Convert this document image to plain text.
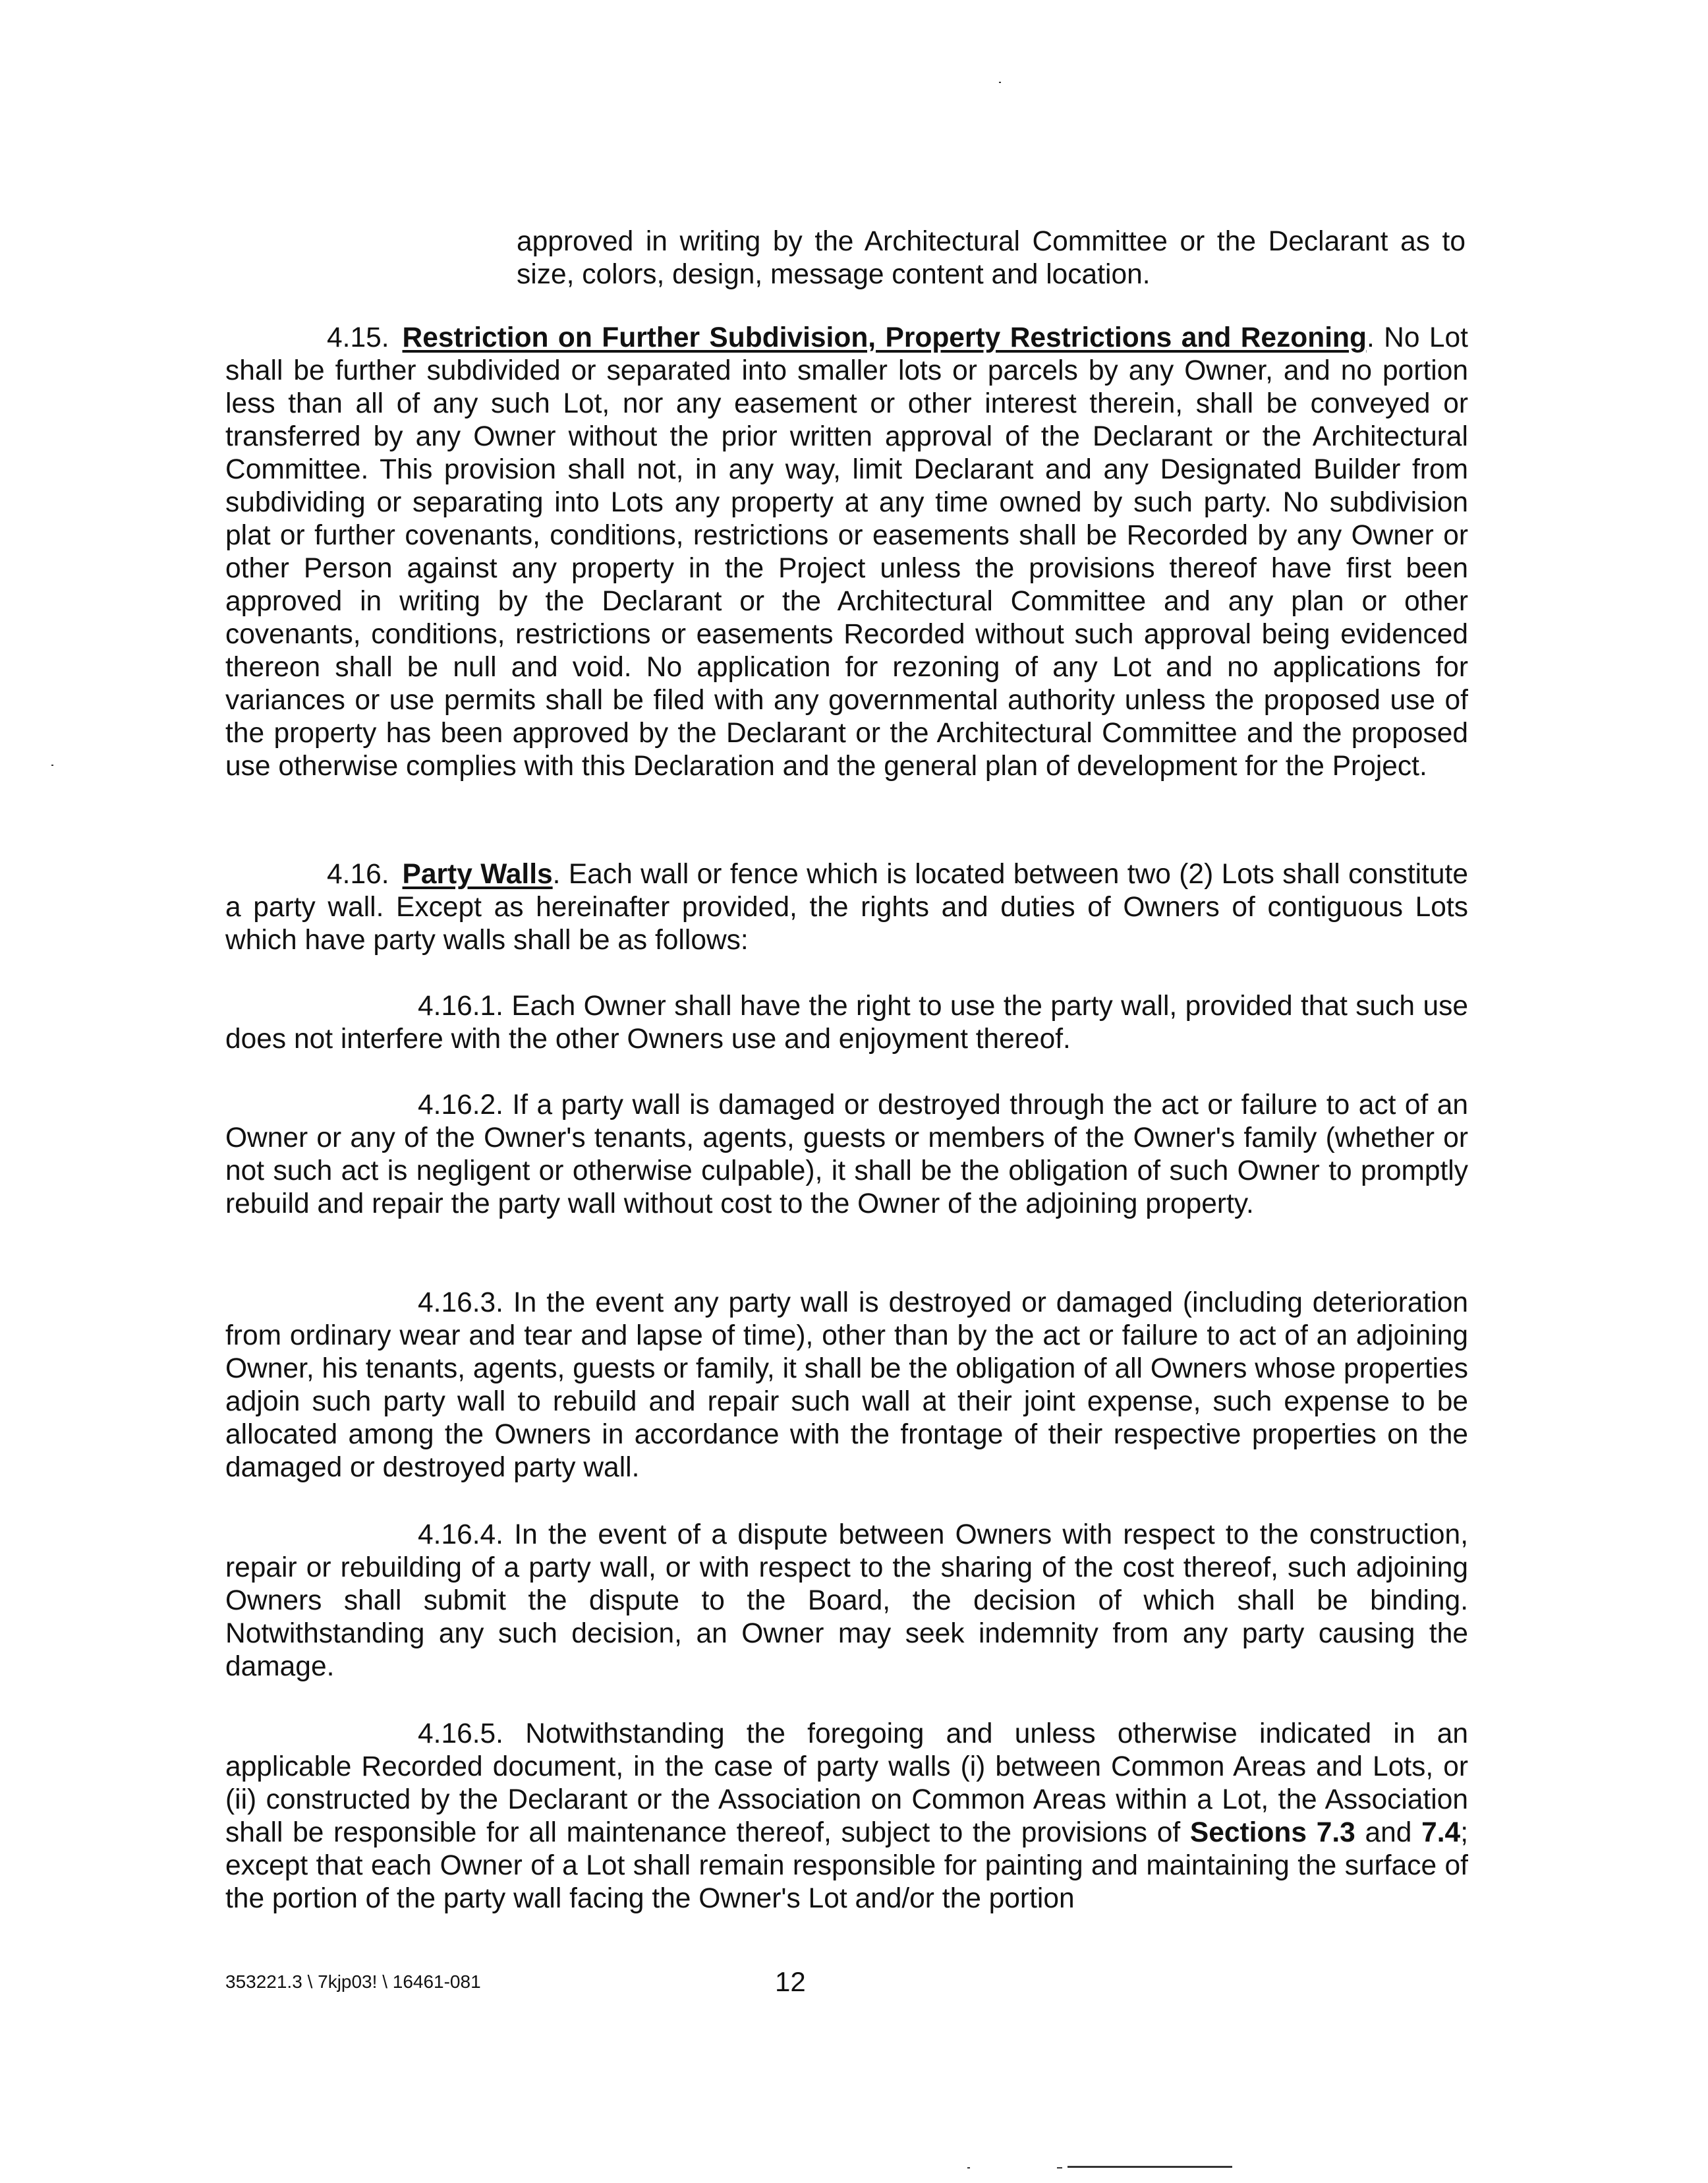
approved in writing by the Architectural Committee or the Declarant as to size, colors, design, message content and location.

4.15. Restriction on Further Subdivision, Property Restrictions and Rezoning. No Lot shall be further subdivided or separated into smaller lots or parcels by any Owner, and no portion less than all of any such Lot, nor any easement or other interest therein, shall be conveyed or transferred by any Owner without the prior written approval of the Declarant or the Architectural Committee. This provision shall not, in any way, limit Declarant and any Designated Builder from subdividing or separating into Lots any property at any time owned by such party. No subdivision plat or further covenants, conditions, restrictions or easements shall be Recorded by any Owner or other Person against any property in the Project unless the provisions thereof have first been approved in writing by the Declarant or the Architectural Committee and any plan or other covenants, conditions, restrictions or easements Recorded without such approval being evidenced thereon shall be null and void. No application for rezoning of any Lot and no applications for variances or use permits shall be filed with any governmental authority unless the proposed use of the property has been approved by the Declarant or the Architectural Committee and the proposed use otherwise complies with this Declaration and the general plan of development for the Project.

4.16. Party Walls. Each wall or fence which is located between two (2) Lots shall constitute a party wall. Except as hereinafter provided, the rights and duties of Owners of contiguous Lots which have party walls shall be as follows:

4.16.1. Each Owner shall have the right to use the party wall, provided that such use does not interfere with the other Owners use and enjoyment thereof.

4.16.2. If a party wall is damaged or destroyed through the act or failure to act of an Owner or any of the Owner's tenants, agents, guests or members of the Owner's family (whether or not such act is negligent or otherwise culpable), it shall be the obligation of such Owner to promptly rebuild and repair the party wall without cost to the Owner of the adjoining property.

4.16.3. In the event any party wall is destroyed or damaged (including deterioration from ordinary wear and tear and lapse of time), other than by the act or failure to act of an adjoining Owner, his tenants, agents, guests or family, it shall be the obligation of all Owners whose properties adjoin such party wall to rebuild and repair such wall at their joint expense, such expense to be allocated among the Owners in accordance with the frontage of their respective properties on the damaged or destroyed party wall.

4.16.4. In the event of a dispute between Owners with respect to the construction, repair or rebuilding of a party wall, or with respect to the sharing of the cost thereof, such adjoining Owners shall submit the dispute to the Board, the decision of which shall be binding. Notwithstanding any such decision, an Owner may seek indemnity from any party causing the damage.

4.16.5. Notwithstanding the foregoing and unless otherwise indicated in an applicable Recorded document, in the case of party walls (i) between Common Areas and Lots, or (ii) constructed by the Declarant or the Association on Common Areas within a Lot, the Association shall be responsible for all maintenance thereof, subject to the provisions of Sections 7.3 and 7.4; except that each Owner of a Lot shall remain responsible for painting and maintaining the surface of the portion of the party wall facing the Owner's Lot and/or the portion

353221.3 \ 7kjp03! \ 16461-081	12
